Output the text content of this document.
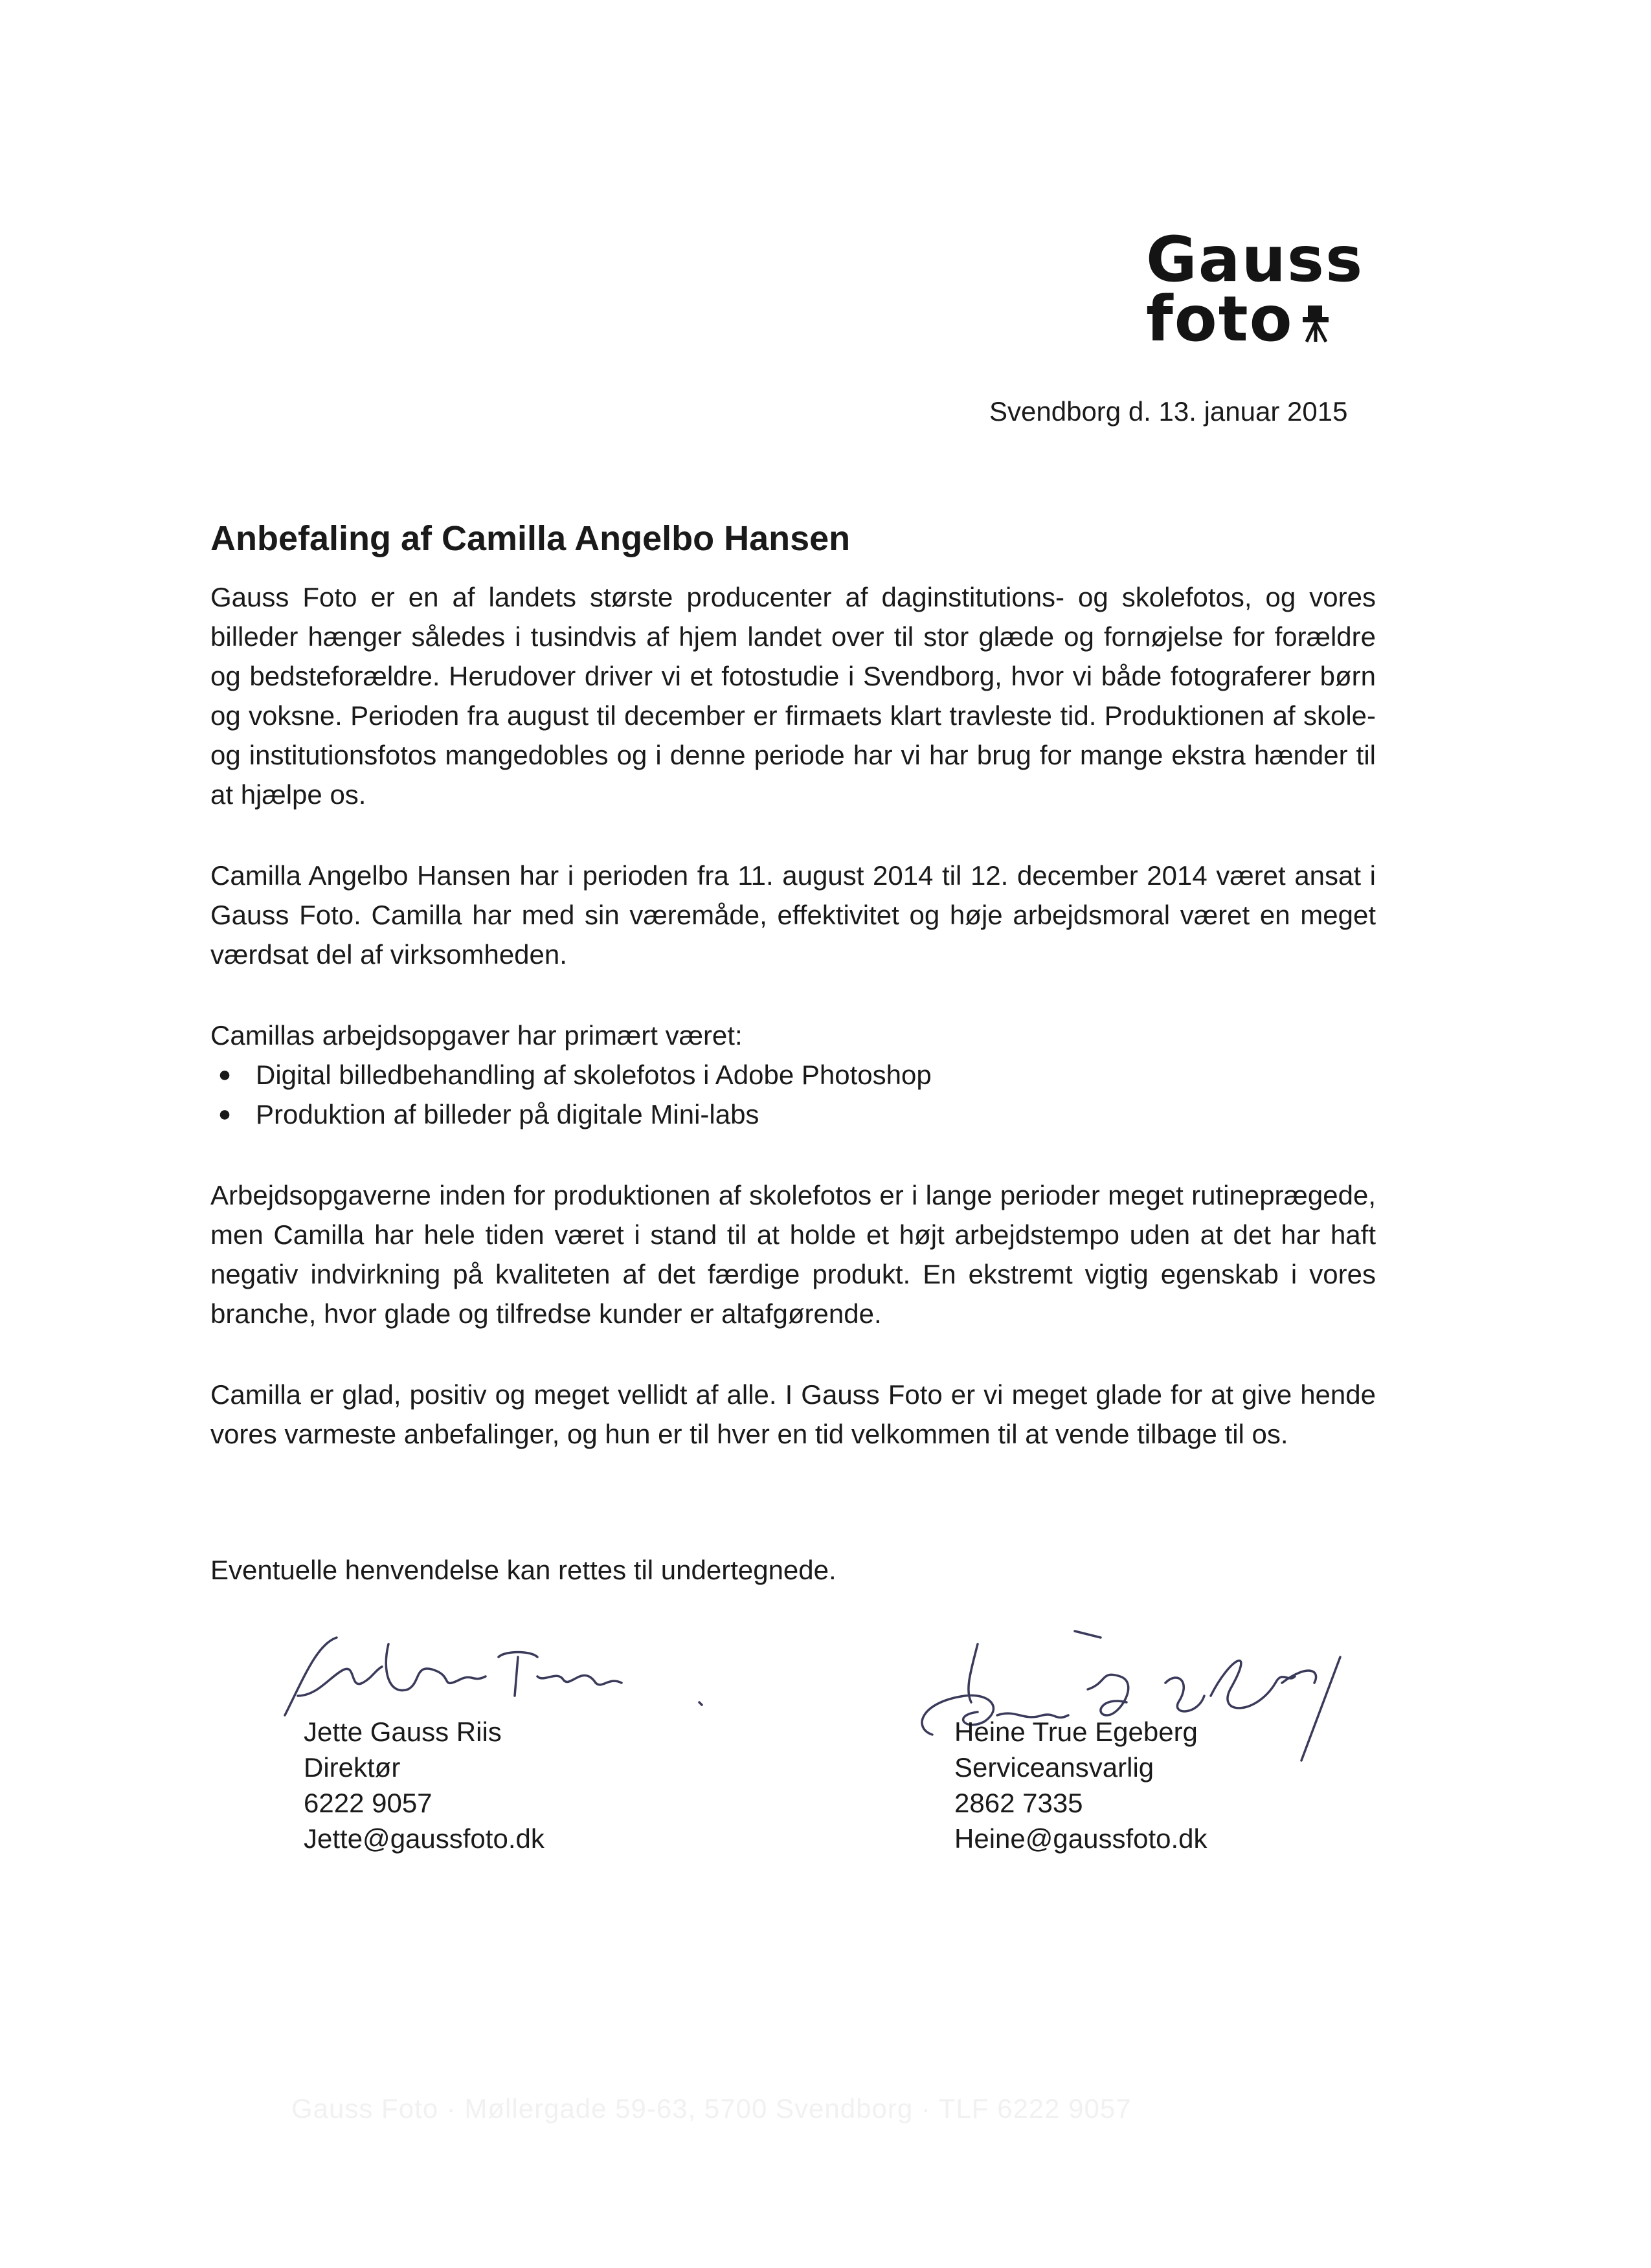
Gauss
foto
Svendborg d. 13. januar 2015
Anbefaling af Camilla Angelbo Hansen

Gauss Foto er en af landets største producenter af daginstitutions- og skolefotos, og vores billeder hænger således i tusindvis af hjem landet over til stor glæde og fornøjelse for forældre og bedsteforældre. Herudover driver vi et fotostudie i Svendborg, hvor vi både fotograferer børn og voksne. Perioden fra august til december er firmaets klart travleste tid. Produktionen af skole- og institutionsfotos mangedobles og i denne periode har vi har brug for mange ekstra hænder til at hjælpe os.

Camilla Angelbo Hansen har i perioden fra 11. august 2014 til 12. december 2014 været ansat i Gauss Foto. Camilla har med sin væremåde, effektivitet og høje arbejdsmoral været en meget værdsat del af virksomheden.

Camillas arbejdsopgaver har primært været:

● Digital billedbehandling af skolefotos i Adobe Photoshop
● Produktion af billeder på digitale Mini-labs

Arbejdsopgaverne inden for produktionen af skolefotos er i lange perioder meget rutineprægede, men Camilla har hele tiden været i stand til at holde et højt arbejdstempo uden at det har haft negativ indvirkning på kvaliteten af det færdige produkt. En ekstremt vigtig egenskab i vores branche, hvor glade og tilfredse kunder er altafgørende.

Camilla er glad, positiv og meget vellidt af alle. I Gauss Foto er vi meget glade for at give hende vores varmeste anbefalinger, og hun er til hver en tid velkommen til at vende tilbage til os.

Eventuelle henvendelse kan rettes til undertegnede.
Jette Gauss Riis
Direktør
6222 9057
Jette@gaussfoto.dk
Heine True Egeberg
Serviceansvarlig
2862 7335
Heine@gaussfoto.dk
Gauss Foto · Møllergade 59-63, 5700 Svendborg · TLF 6222 9057
